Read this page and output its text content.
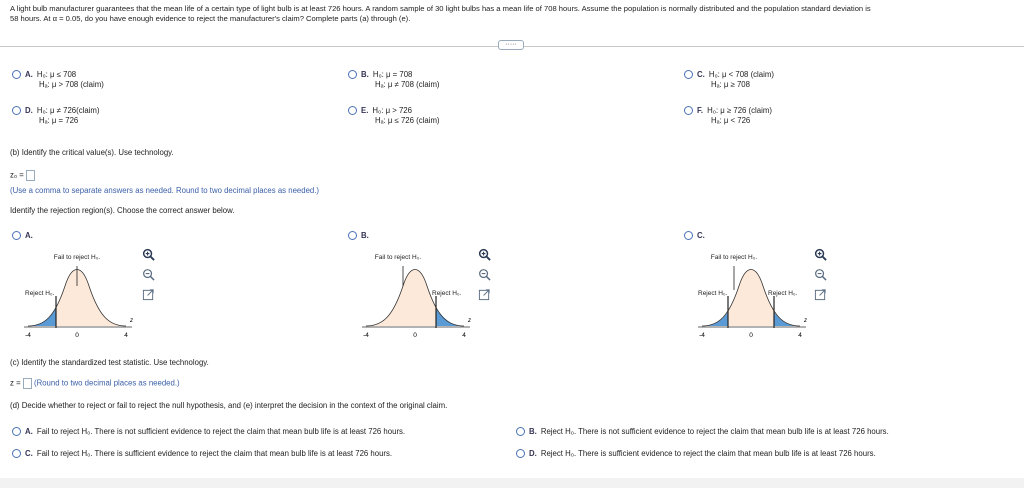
A light bulb manufacturer guarantees that the mean life of a certain type of light bulb is at least 726 hours. A random sample of 30 light bulbs has a mean life of 708 hours. Assume the population is normally distributed and the population standard deviation is
58 hours. At α = 0.05, do you have enough evidence to reject the manufacturer's claim? Complete parts (a) through (e).
·····
A. H₀: μ ≤ 708
Hₐ: μ > 708 (claim)
B. H₀: μ = 708
Hₐ: μ ≠ 708 (claim)
C. H₀: μ < 708 (claim)
Hₐ: μ ≥ 708
D. H₀: μ ≠ 726(claim)
Hₐ: μ = 726
E. H₀: μ > 726
Hₐ: μ ≤ 726 (claim)
F. H₀: μ ≥ 726 (claim)
Hₐ: μ < 726
(b) Identify the critical value(s). Use technology.
z₀ =
(Use a comma to separate answers as needed. Round to two decimal places as needed.)
Identify the rejection region(s). Choose the correct answer below.
A.	B.	C.
Fail to reject H₀.
Reject H₀.
-4	0	4
z
Fail to reject H₀.
Reject H₀.
-4	0	4
z
Fail to reject H₀.
Reject H₀.	Reject H₀.
-4	0	4
z
(c) Identify the standardized test statistic. Use technology.
z = (Round to two decimal places as needed.)
(d) Decide whether to reject or fail to reject the null hypothesis, and (e) interpret the decision in the context of the original claim.
A. Fail to reject H₀. There is not sufficient evidence to reject the claim that mean bulb life is at least 726 hours.	B. Reject H₀. There is not sufficient evidence to reject the claim that mean bulb life is at least 726 hours.
C. Fail to reject H₀. There is sufficient evidence to reject the claim that mean bulb life is at least 726 hours.	D. Reject H₀. There is sufficient evidence to reject the claim that mean bulb life is at least 726 hours.
